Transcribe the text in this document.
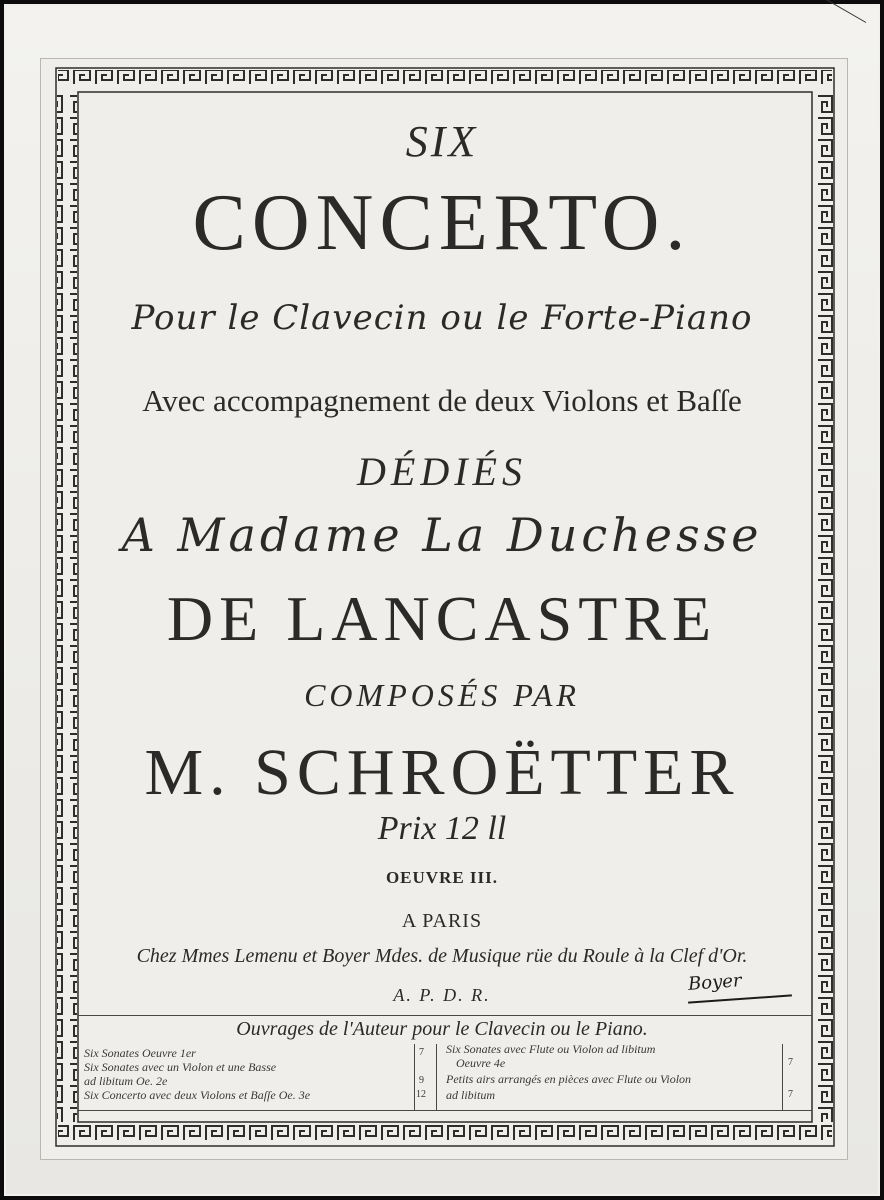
SIX
CONCERTO.
Pour le Clavecin ou le Forte-Piano
Avec accompagnement de deux Violons et Baſſe
DÉDIÉS
A Madame La Duchesse
DE LANCASTRE
COMPOSÉS PAR
M. SCHROËTTER
Prix 12 ll
OEUVRE III.
A PARIS
Chez Mmes Lemenu et Boyer Mdes. de Musique rüe du Roule à la Clef d'Or.
A. P. D. R.
Boyer
Ouvrages de l'Auteur pour le Clavecin ou le Piano.
Six Sonates Oeuvre 1er
Six Sonates avec un Violon et une Basse
ad libitum Oe. 2e
Six Concerto avec deux Violons et Baſſe Oe. 3e
7
9
12
Six Sonates avec Flute ou Violon ad libitum
Oeuvre 4e
Petits airs arrangés en pièces avec Flute ou Violon
ad libitum
7
7
